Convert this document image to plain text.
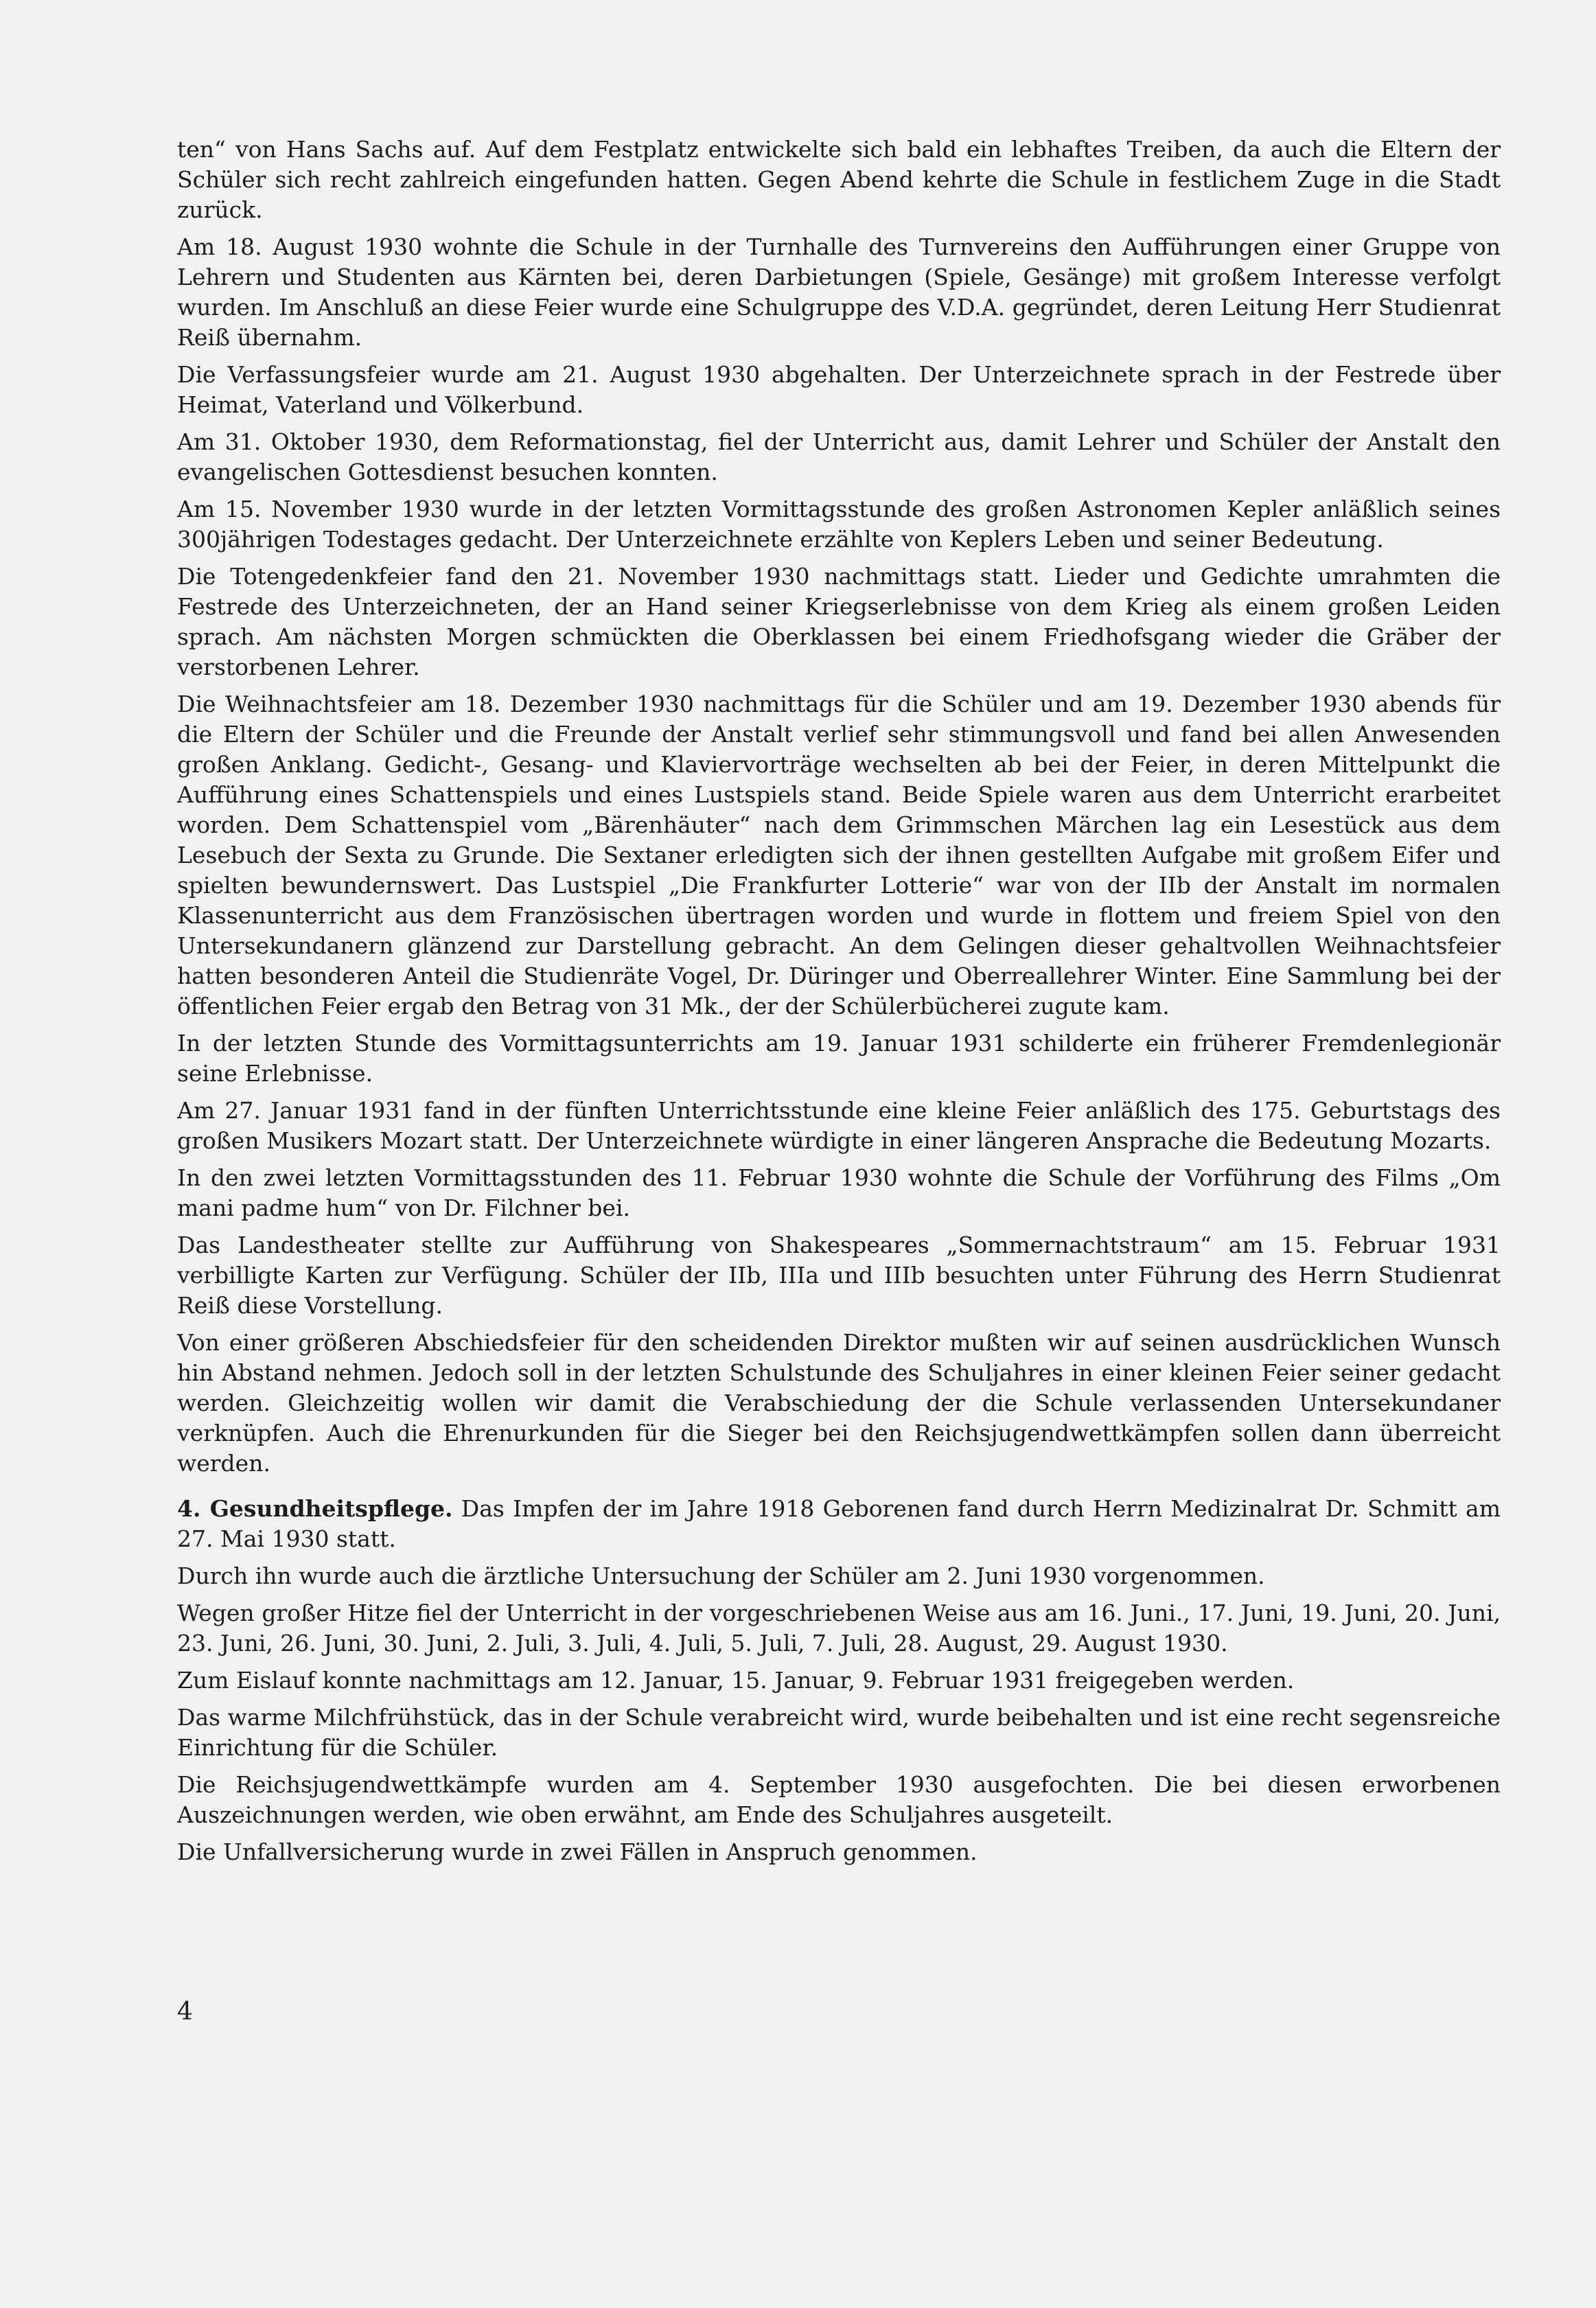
ten“ von Hans Sachs auf. Auf dem Festplatz entwickelte sich bald ein lebhaftes Treiben, da auch die Eltern der Schüler sich recht zahlreich eingefunden hatten. Gegen Abend kehrte die Schule in festlichem Zuge in die Stadt zurück.

Am 18. August 1930 wohnte die Schule in der Turnhalle des Turnvereins den Aufführungen einer Gruppe von Lehrern und Studenten aus Kärnten bei, deren Darbietungen (Spiele, Gesänge) mit großem Interesse verfolgt wurden. Im Anschluß an diese Feier wurde eine Schulgruppe des V.D.A. gegründet, deren Leitung Herr Studienrat Reiß übernahm.

Die Verfassungsfeier wurde am 21. August 1930 abgehalten. Der Unterzeichnete sprach in der Festrede über Heimat, Vaterland und Völkerbund.

Am 31. Oktober 1930, dem Reformationstag, fiel der Unterricht aus, damit Lehrer und Schüler der Anstalt den evangelischen Gottesdienst besuchen konnten.

Am 15. November 1930 wurde in der letzten Vormittagsstunde des großen Astronomen Kepler anläßlich seines 300jährigen Todestages gedacht. Der Unterzeichnete erzählte von Keplers Leben und seiner Bedeutung.

Die Totengedenkfeier fand den 21. November 1930 nachmittags statt. Lieder und Gedichte umrahmten die Festrede des Unterzeichneten, der an Hand seiner Kriegserlebnisse von dem Krieg als einem großen Leiden sprach. Am nächsten Morgen schmückten die Oberklassen bei einem Friedhofsgang wieder die Gräber der verstorbenen Lehrer.

Die Weihnachtsfeier am 18. Dezember 1930 nachmittags für die Schüler und am 19. Dezember 1930 abends für die Eltern der Schüler und die Freunde der Anstalt verlief sehr stimmungsvoll und fand bei allen Anwesenden großen Anklang. Gedicht-, Gesang- und Klaviervorträge wechselten ab bei der Feier, in deren Mittelpunkt die Aufführung eines Schattenspiels und eines Lustspiels stand. Beide Spiele waren aus dem Unterricht erarbeitet worden. Dem Schattenspiel vom „Bärenhäuter“ nach dem Grimmschen Märchen lag ein Lesestück aus dem Lesebuch der Sexta zu Grunde. Die Sextaner erledigten sich der ihnen gestellten Aufgabe mit großem Eifer und spielten bewundernswert. Das Lustspiel „Die Frankfurter Lotterie“ war von der IIb der Anstalt im normalen Klassenunterricht aus dem Französischen übertragen worden und wurde in flottem und freiem Spiel von den Untersekundanern glänzend zur Darstellung gebracht. An dem Gelingen dieser gehaltvollen Weihnachtsfeier hatten besonderen Anteil die Studienräte Vogel, Dr. Düringer und Oberreallehrer Winter. Eine Sammlung bei der öffentlichen Feier ergab den Betrag von 31 Mk., der der Schülerbücherei zugute kam.

In der letzten Stunde des Vormittagsunterrichts am 19. Januar 1931 schilderte ein früherer Fremdenlegionär seine Erlebnisse.

Am 27. Januar 1931 fand in der fünften Unterrichtsstunde eine kleine Feier anläßlich des 175. Geburtstags des großen Musikers Mozart statt. Der Unterzeichnete würdigte in einer längeren Ansprache die Bedeutung Mozarts.

In den zwei letzten Vormittagsstunden des 11. Februar 1930 wohnte die Schule der Vorführung des Films „Om mani padme hum“ von Dr. Filchner bei.

Das Landestheater stellte zur Aufführung von Shakespeares „Sommernachtstraum“ am 15. Februar 1931 verbilligte Karten zur Verfügung. Schüler der IIb, IIIa und IIIb besuchten unter Führung des Herrn Studienrat Reiß diese Vorstellung.

Von einer größeren Abschiedsfeier für den scheidenden Direktor mußten wir auf seinen ausdrücklichen Wunsch hin Abstand nehmen. Jedoch soll in der letzten Schulstunde des Schuljahres in einer kleinen Feier seiner gedacht werden. Gleichzeitig wollen wir damit die Verabschiedung der die Schule verlassenden Untersekundaner verknüpfen. Auch die Ehrenurkunden für die Sieger bei den Reichsjugendwettkämpfen sollen dann überreicht werden.

4. Gesundheitspflege. Das Impfen der im Jahre 1918 Geborenen fand durch Herrn Medizinalrat Dr. Schmitt am 27. Mai 1930 statt.

Durch ihn wurde auch die ärztliche Untersuchung der Schüler am 2. Juni 1930 vorgenommen.

Wegen großer Hitze fiel der Unterricht in der vorgeschriebenen Weise aus am 16. Juni., 17. Juni, 19. Juni, 20. Juni, 23. Juni, 26. Juni, 30. Juni, 2. Juli, 3. Juli, 4. Juli, 5. Juli, 7. Juli, 28. August, 29. August 1930.

Zum Eislauf konnte nachmittags am 12. Januar, 15. Januar, 9. Februar 1931 freigegeben werden.

Das warme Milchfrühstück, das in der Schule verabreicht wird, wurde beibehalten und ist eine recht segensreiche Einrichtung für die Schüler.

Die Reichsjugendwettkämpfe wurden am 4. September 1930 ausgefochten. Die bei diesen erworbenen Auszeichnungen werden, wie oben erwähnt, am Ende des Schuljahres ausgeteilt.

Die Unfallversicherung wurde in zwei Fällen in Anspruch genommen.

4
